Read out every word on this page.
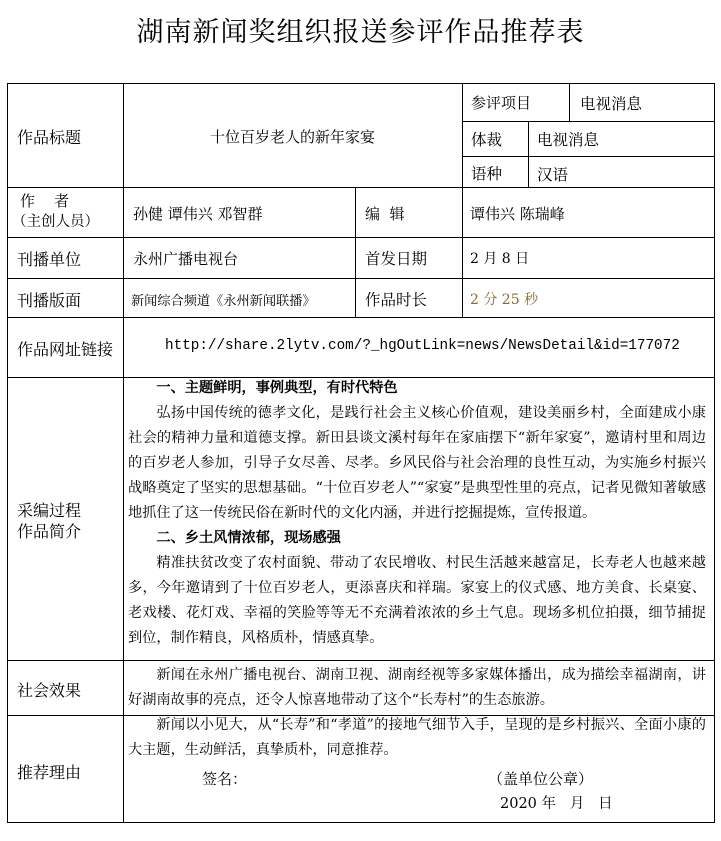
湖南新闻奖组织报送参评作品推荐表
作品标题	十位百岁老人的新年家宴
参评项目	电视消息
体裁 电视消息
语种 汉语
作    者
（主创人员） 孙健 谭伟兴 邓智群	编  辑	谭伟兴 陈瑞峰
刊播单位	永州广播电视台	首发日期	2 月 8 日
刊播版面	新闻综合频道《永州新闻联播》	作品时长	2 分 25 秒
作品网址链接	http://share.2lytv.com/?_hgOutLink=news/NewsDetail&id=177072
采编过程
作品简介

一、主题鲜明，事例典型，有时代特色

弘扬中国传统的德孝文化，是践行社会主义核心价值观，建设美丽乡村，全面建成小康社会的精神力量和道德支撑。新田县谈文溪村每年在家庙摆下“新年家宴”，邀请村里和周边的百岁老人参加，引导子女尽善、尽孝。乡风民俗与社会治理的良性互动，为实施乡村振兴战略奠定了坚实的思想基础。“十位百岁老人”“家宴”是典型性里的亮点，记者见微知著敏感地抓住了这一传统民俗在新时代的文化内涵，并进行挖掘提炼，宣传报道。

二、乡土风情浓郁，现场感强

精准扶贫改变了农村面貌、带动了农民增收、村民生活越来越富足，长寿老人也越来越多，今年邀请到了十位百岁老人，更添喜庆和祥瑞。家宴上的仪式感、地方美食、长桌宴、老戏楼、花灯戏、幸福的笑脸等等无不充满着浓浓的乡土气息。现场多机位拍摄，细节捕捉到位，制作精良，风格质朴，情感真挚。

社会效果

新闻在永州广播电视台、湖南卫视、湖南经视等多家媒体播出，成为描绘幸福湖南，讲好湖南故事的亮点，还令人惊喜地带动了这个“长寿村”的生态旅游。

推荐理由

新闻以小见大，从“长寿”和“孝道”的接地气细节入手，呈现的是乡村振兴、全面小康的大主题，生动鲜活，真挚质朴，同意推荐。

签名：	（盖单位公章）
2020 年   月   日
